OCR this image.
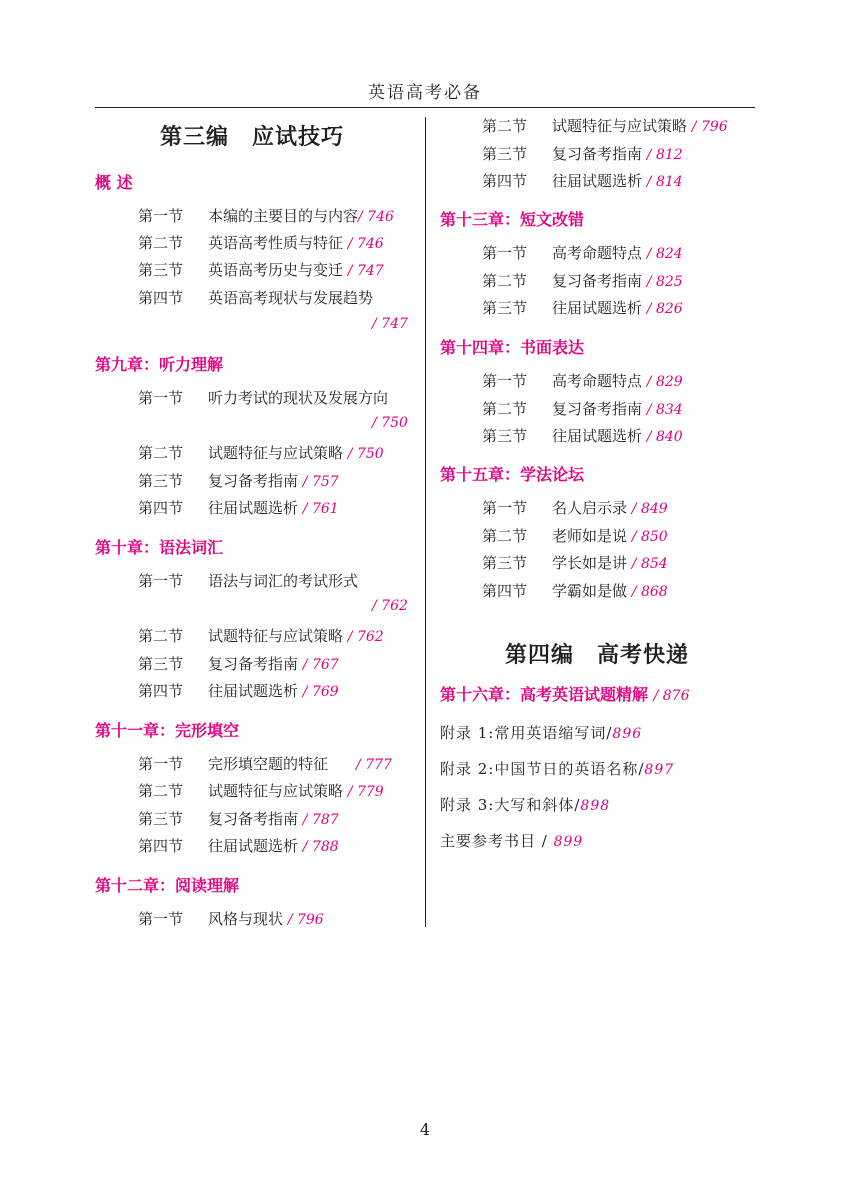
英语高考必备
第三编　应试技巧
概 述
第一节 本编的主要目的与内容/ 746
第二节 英语高考性质与特征 / 746
第三节 英语高考历史与变迁 / 747
第四节 英语高考现状与发展趋势
/ 747
第九章：听力理解
第一节 听力考试的现状及发展方向
/ 750
第二节 试题特征与应试策略 / 750
第三节 复习备考指南 / 757
第四节 往届试题选析 / 761
第十章：语法词汇
第一节 语法与词汇的考试形式
/ 762
第二节 试题特征与应试策略 / 762
第三节 复习备考指南 / 767
第四节 往届试题选析 / 769
第十一章：完形填空
第一节 完形填空题的特征 / 777
第二节 试题特征与应试策略 / 779
第三节 复习备考指南 / 787
第四节 往届试题选析 / 788
第十二章：阅读理解
第一节 风格与现状 / 796
第二节 试题特征与应试策略 / 796
第三节 复习备考指南 / 812
第四节 往届试题选析 / 814
第十三章：短文改错
第一节 高考命题特点 / 824
第二节 复习备考指南 / 825
第三节 往届试题选析 / 826
第十四章：书面表达
第一节 高考命题特点 / 829
第二节 复习备考指南 / 834
第三节 往届试题选析 / 840
第十五章：学法论坛
第一节 名人启示录 / 849
第二节 老师如是说 / 850
第三节 学长如是讲 / 854
第四节 学霸如是做 / 868
第四编　高考快递
第十六章：高考英语试题精解 / 876
附录 1:常用英语缩写词/896
附录 2:中国节日的英语名称/897
附录 3:大写和斜体/898
主要参考书目 / 899
4
